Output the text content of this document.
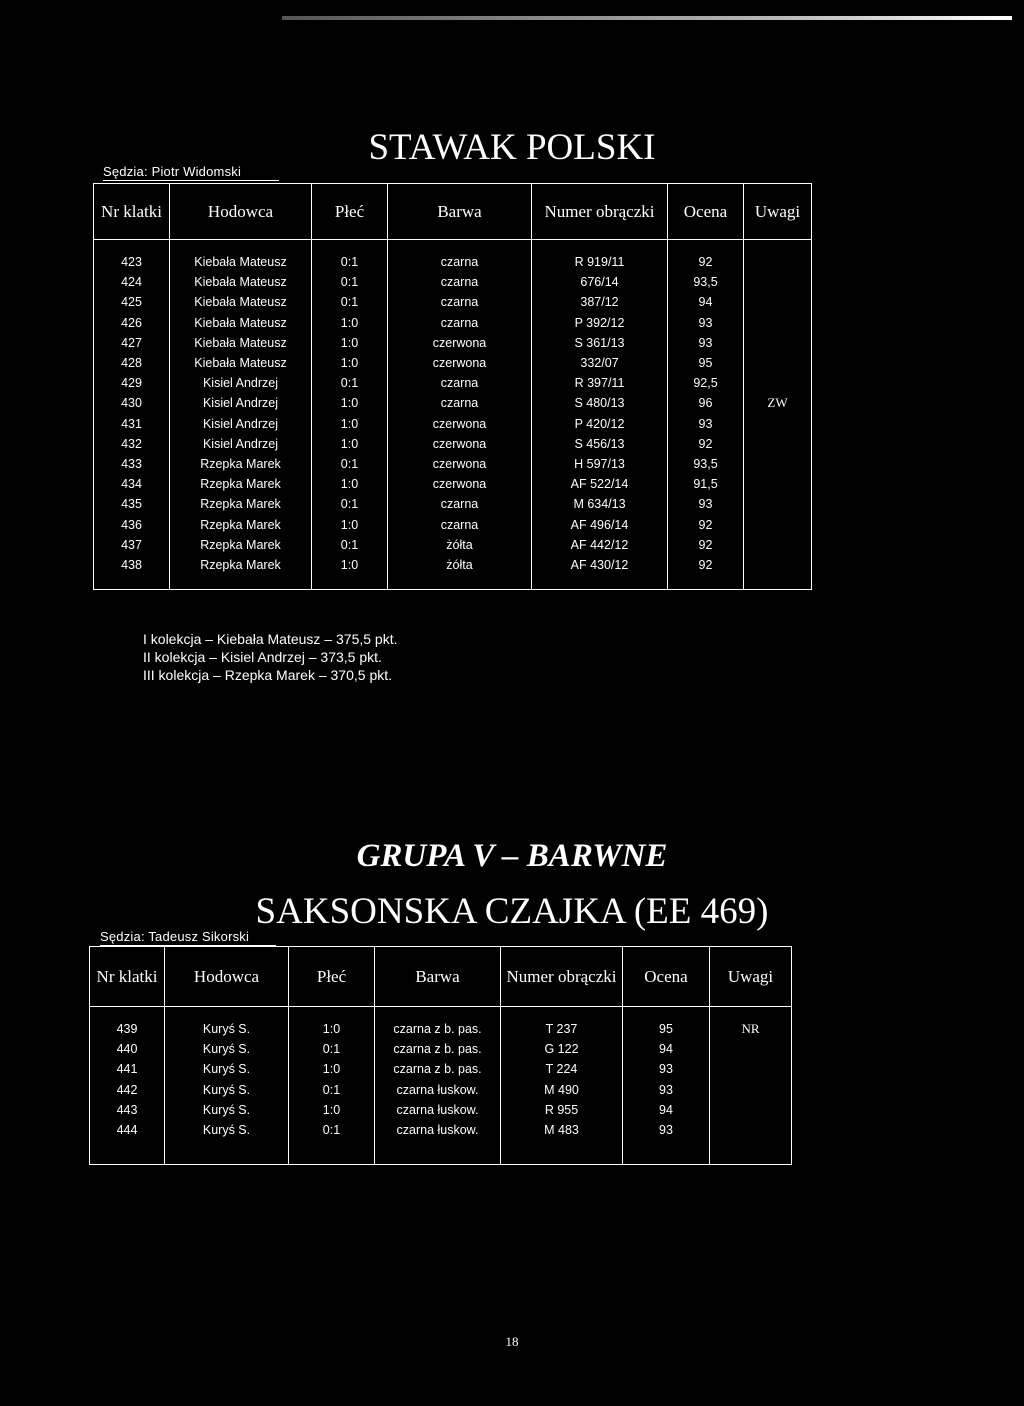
STAWAK POLSKI
Sędzia: Piotr Widomski
Nr klatki	Hodowca	Płeć	Barwa	Numer obrączki	Ocena	Uwagi

423	Kiebała Mateusz	0:1	czarna	R 919/11	92	
424	Kiebała Mateusz	0:1	czarna	676/14	93,5	
425	Kiebała Mateusz	0:1	czarna	387/12	94	
426	Kiebała Mateusz	1:0	czarna	P 392/12	93	
427	Kiebała Mateusz	1:0	czerwona	S 361/13	93	
428	Kiebała Mateusz	1:0	czerwona	332/07	95	
429	Kisiel Andrzej	0:1	czarna	R 397/11	92,5	
430	Kisiel Andrzej	1:0	czarna	S 480/13	96	ZW
431	Kisiel Andrzej	1:0	czerwona	P 420/12	93	
432	Kisiel Andrzej	1:0	czerwona	S 456/13	92	
433	Rzepka Marek	0:1	czerwona	H 597/13	93,5	
434	Rzepka Marek	1:0	czerwona	AF 522/14	91,5	
435	Rzepka Marek	0:1	czarna	M 634/13	93	
436	Rzepka Marek	1:0	czarna	AF 496/14	92	
437	Rzepka Marek	0:1	żółta	AF 442/12	92	
438	Rzepka Marek	1:0	żółta	AF 430/12	92	

I kolekcja – Kiebała Mateusz – 375,5 pkt.
II kolekcja – Kisiel Andrzej – 373,5 pkt.
III kolekcja – Rzepka Marek – 370,5 pkt.
GRUPA V – BARWNE
SAKSONSKA CZAJKA (EE 469)
Sędzia: Tadeusz Sikorski
Nr klatki	Hodowca	Płeć	Barwa	Numer obrączki	Ocena	Uwagi

439	Kuryś S.	1:0	czarna z b. pas.	T 237	95	NR
440	Kuryś S.	0:1	czarna z b. pas.	G 122	94	
441	Kuryś S.	1:0	czarna z b. pas.	T 224	93	
442	Kuryś S.	0:1	czarna łuskow.	M 490	93	
443	Kuryś S.	1:0	czarna łuskow.	R 955	94	
444	Kuryś S.	0:1	czarna łuskow.	M 483	93	

18
